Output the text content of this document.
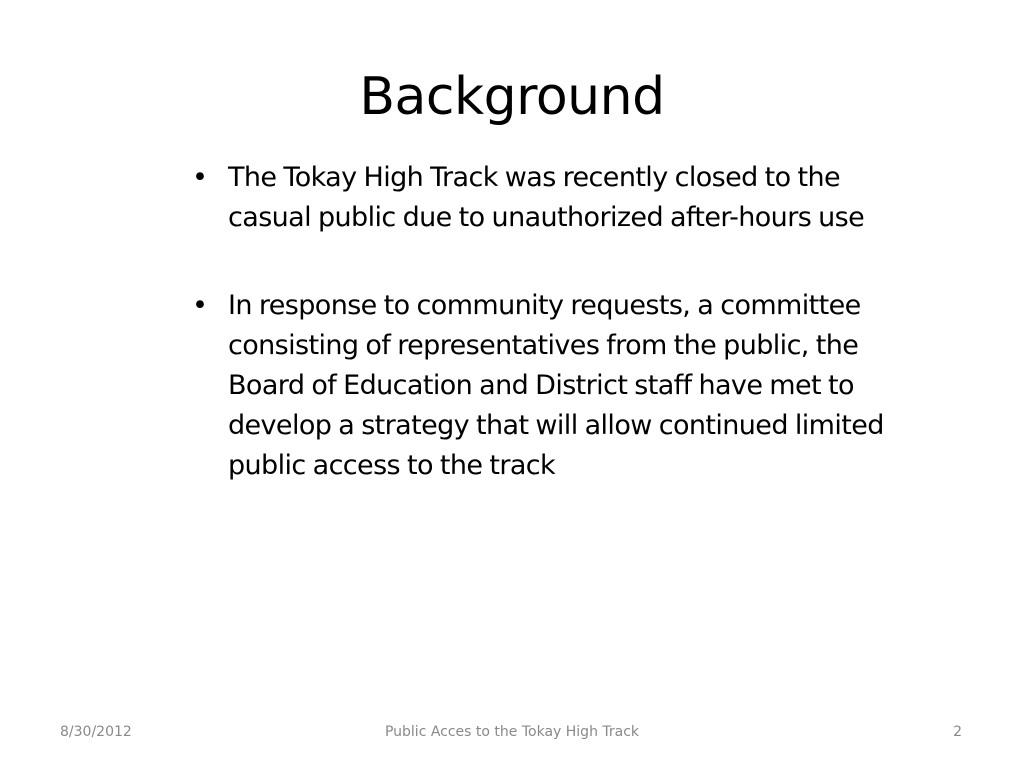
Background
• The Tokay High Track was recently closed to the casual public due to unauthorized after-hours use
• In response to community requests, a committee consisting of representatives from the public, the Board of Education and District staff have met to develop a strategy that will allow continued limited public access to the track
8/30/2012	Public Acces to the Tokay High Track	2
